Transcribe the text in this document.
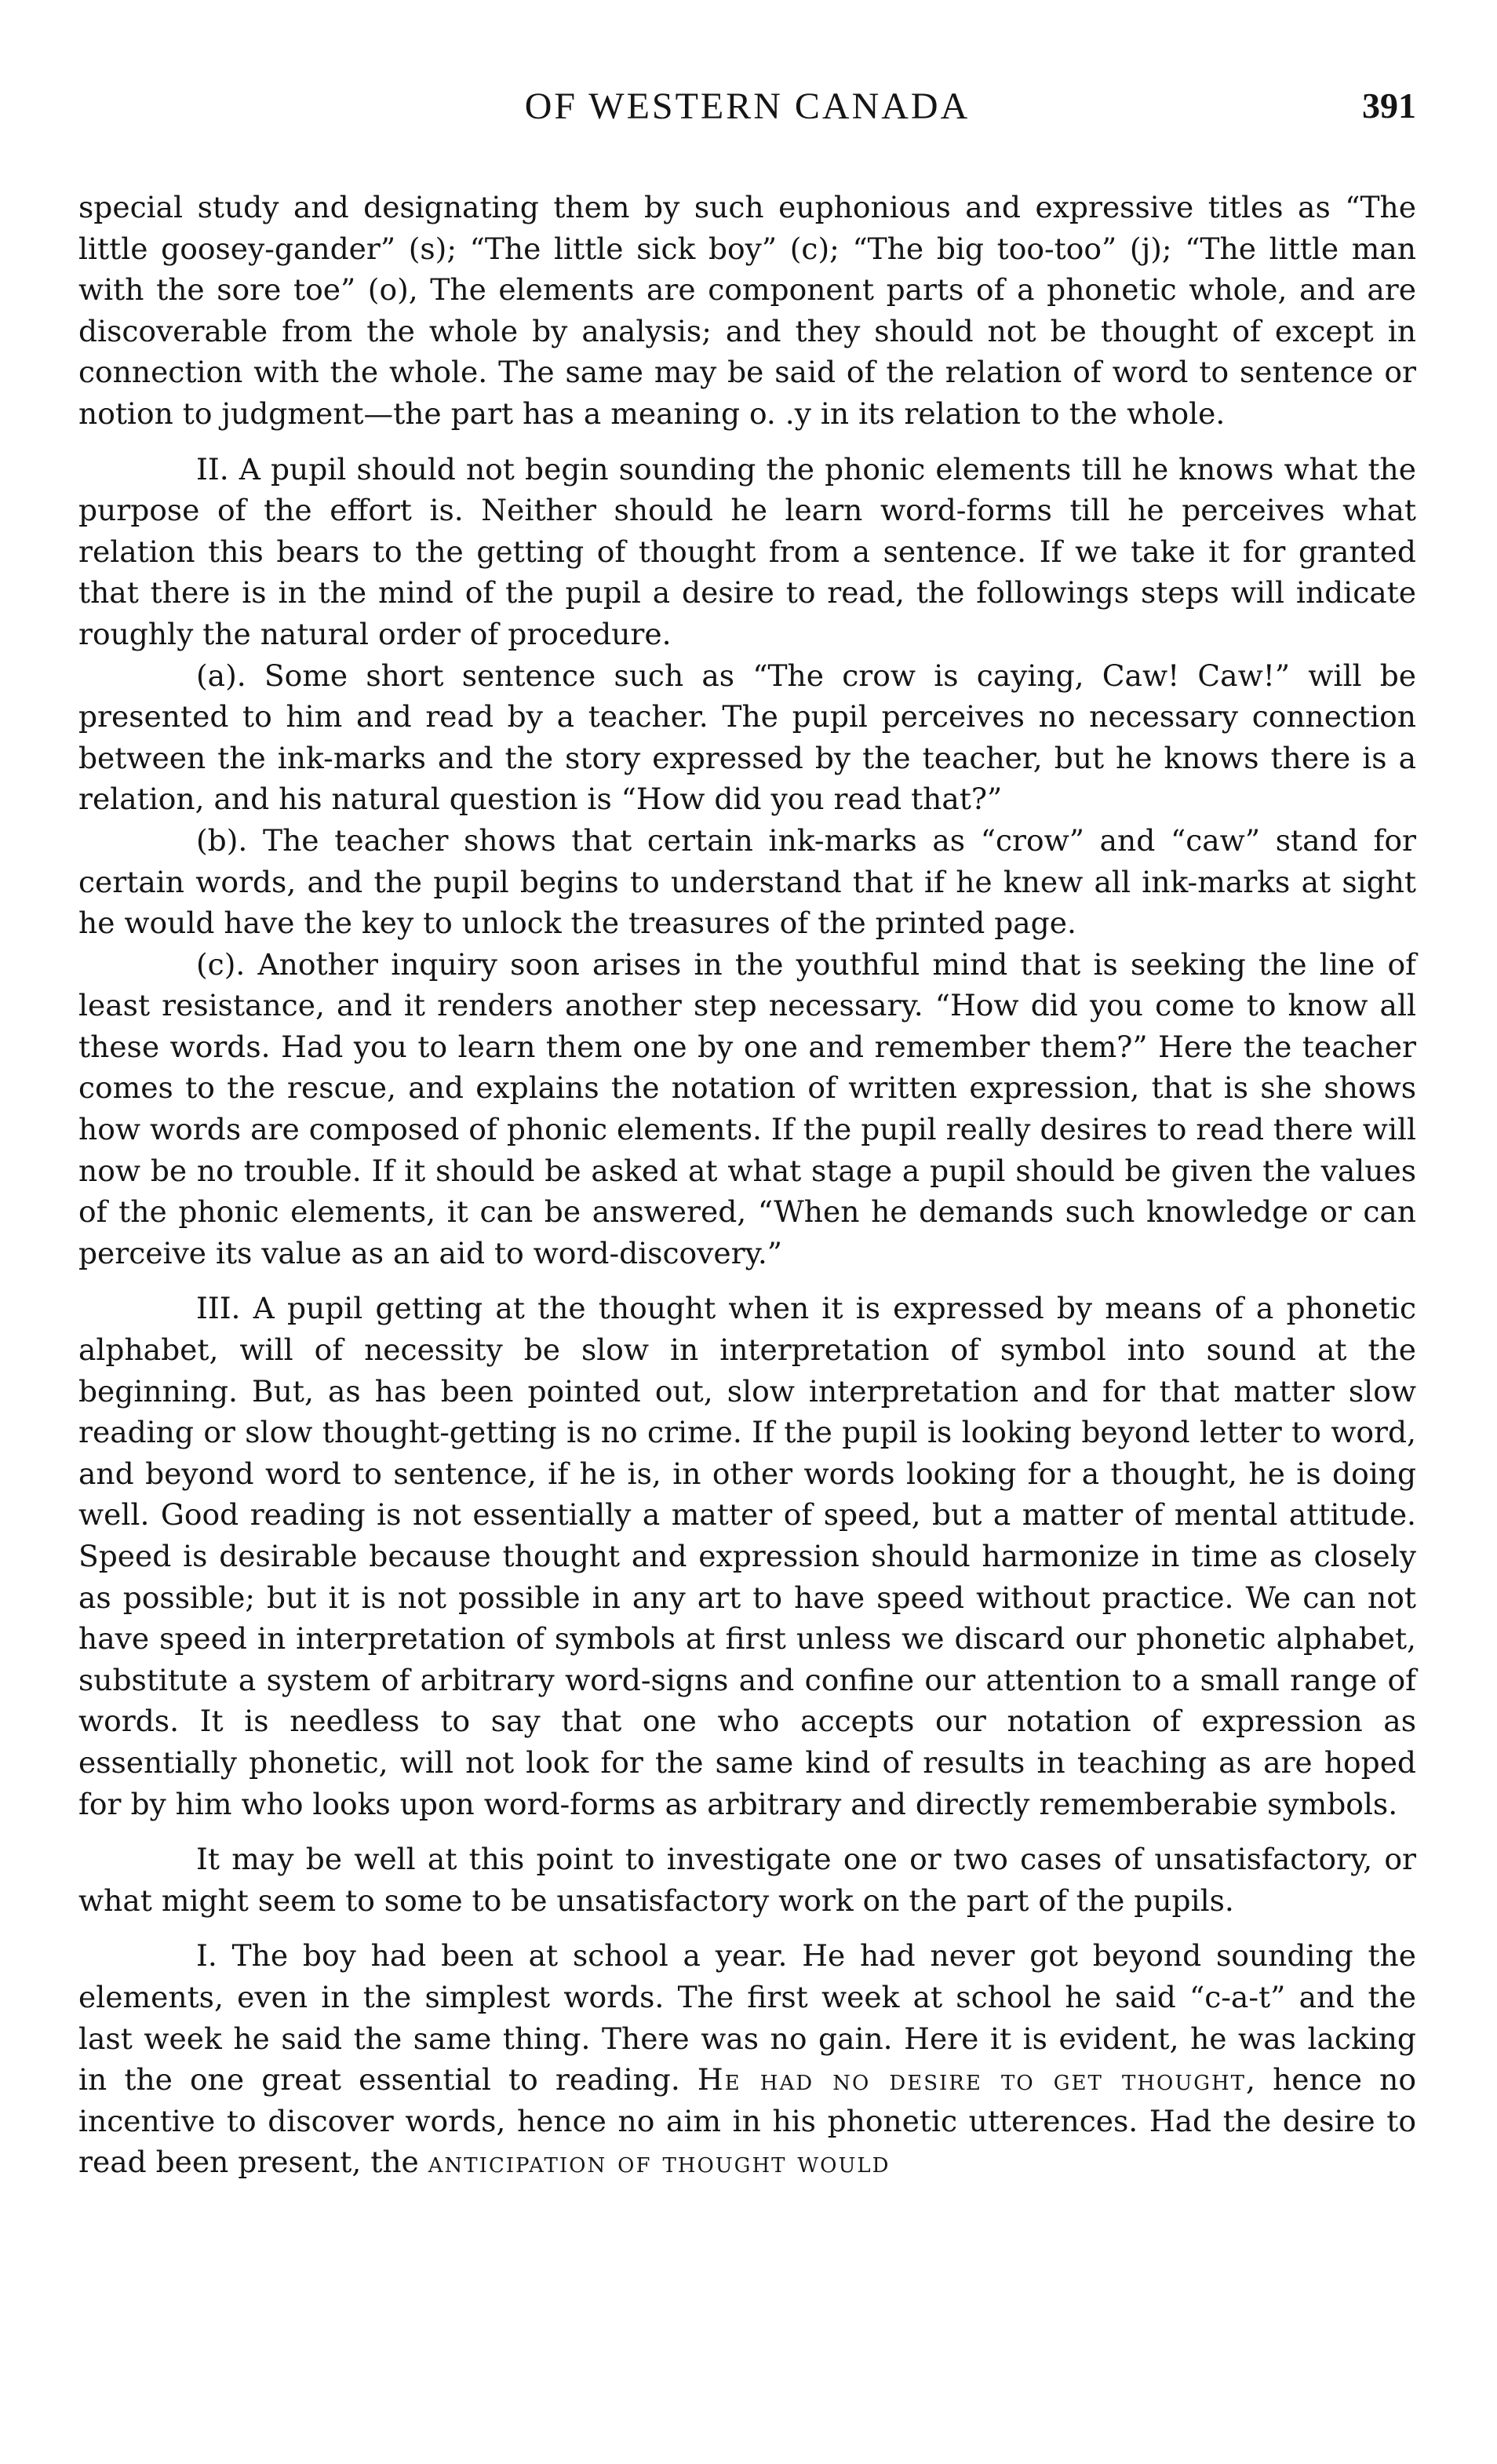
OF WESTERN CANADA	391

special study and designating them by such euphonious and expressive titles as “The little goosey-gander” (s); “The little sick boy” (c); “The big too-too” (j); “The little man with the sore toe” (o), The elements are component parts of a phonetic whole, and are discoverable from the whole by analysis; and they should not be thought of except in connection with the whole. The same may be said of the relation of word to sentence or notion to judgment—the part has a meaning o. .y in its relation to the whole.

II. A pupil should not begin sounding the phonic elements till he knows what the purpose of the effort is. Neither should he learn word-forms till he perceives what relation this bears to the getting of thought from a sentence. If we take it for granted that there is in the mind of the pupil a desire to read, the followings steps will indicate roughly the natural order of procedure.

(a). Some short sentence such as “The crow is caying, Caw! Caw!” will be presented to him and read by a teacher. The pupil perceives no necessary connection between the ink-marks and the story expressed by the teacher, but he knows there is a relation, and his natural question is “How did you read that?”

(b). The teacher shows that certain ink-marks as “crow” and “caw” stand for certain words, and the pupil begins to understand that if he knew all ink-marks at sight he would have the key to unlock the treasures of the printed page.

(c). Another inquiry soon arises in the youthful mind that is seeking the line of least resistance, and it renders another step necessary. “How did you come to know all these words. Had you to learn them one by one and remember them?” Here the teacher comes to the rescue, and explains the notation of written expression, that is she shows how words are composed of phonic elements. If the pupil really desires to read there will now be no trouble. If it should be asked at what stage a pupil should be given the values of the phonic elements, it can be answered, “When he demands such knowledge or can perceive its value as an aid to word-discovery.”

III. A pupil getting at the thought when it is expressed by means of a phonetic alphabet, will of necessity be slow in interpretation of symbol into sound at the beginning. But, as has been pointed out, slow interpretation and for that matter slow reading or slow thought-getting is no crime. If the pupil is looking beyond letter to word, and beyond word to sentence, if he is, in other words looking for a thought, he is doing well. Good reading is not essentially a matter of speed, but a matter of mental attitude. Speed is desirable because thought and expression should harmonize in time as closely as possible; but it is not possible in any art to have speed without practice. We can not have speed in interpretation of symbols at first unless we discard our phonetic alphabet, substitute a system of arbitrary word-signs and confine our attention to a small range of words. It is needless to say that one who accepts our notation of expression as essentially phonetic, will not look for the same kind of results in teaching as are hoped for by him who looks upon word-forms as arbitrary and directly rememberabie symbols.

It may be well at this point to investigate one or two cases of unsatisfactory, or what might seem to some to be unsatisfactory work on the part of the pupils.

I. The boy had been at school a year. He had never got beyond sounding the elements, even in the simplest words. The first week at school he said “c-a-t” and the last week he said the same thing. There was no gain. Here it is evident, he was lacking in the one great essential to reading. He had no desire to get thought, hence no incentive to discover words, hence no aim in his phonetic utterences. Had the desire to read been present, the anticipation of thought would
